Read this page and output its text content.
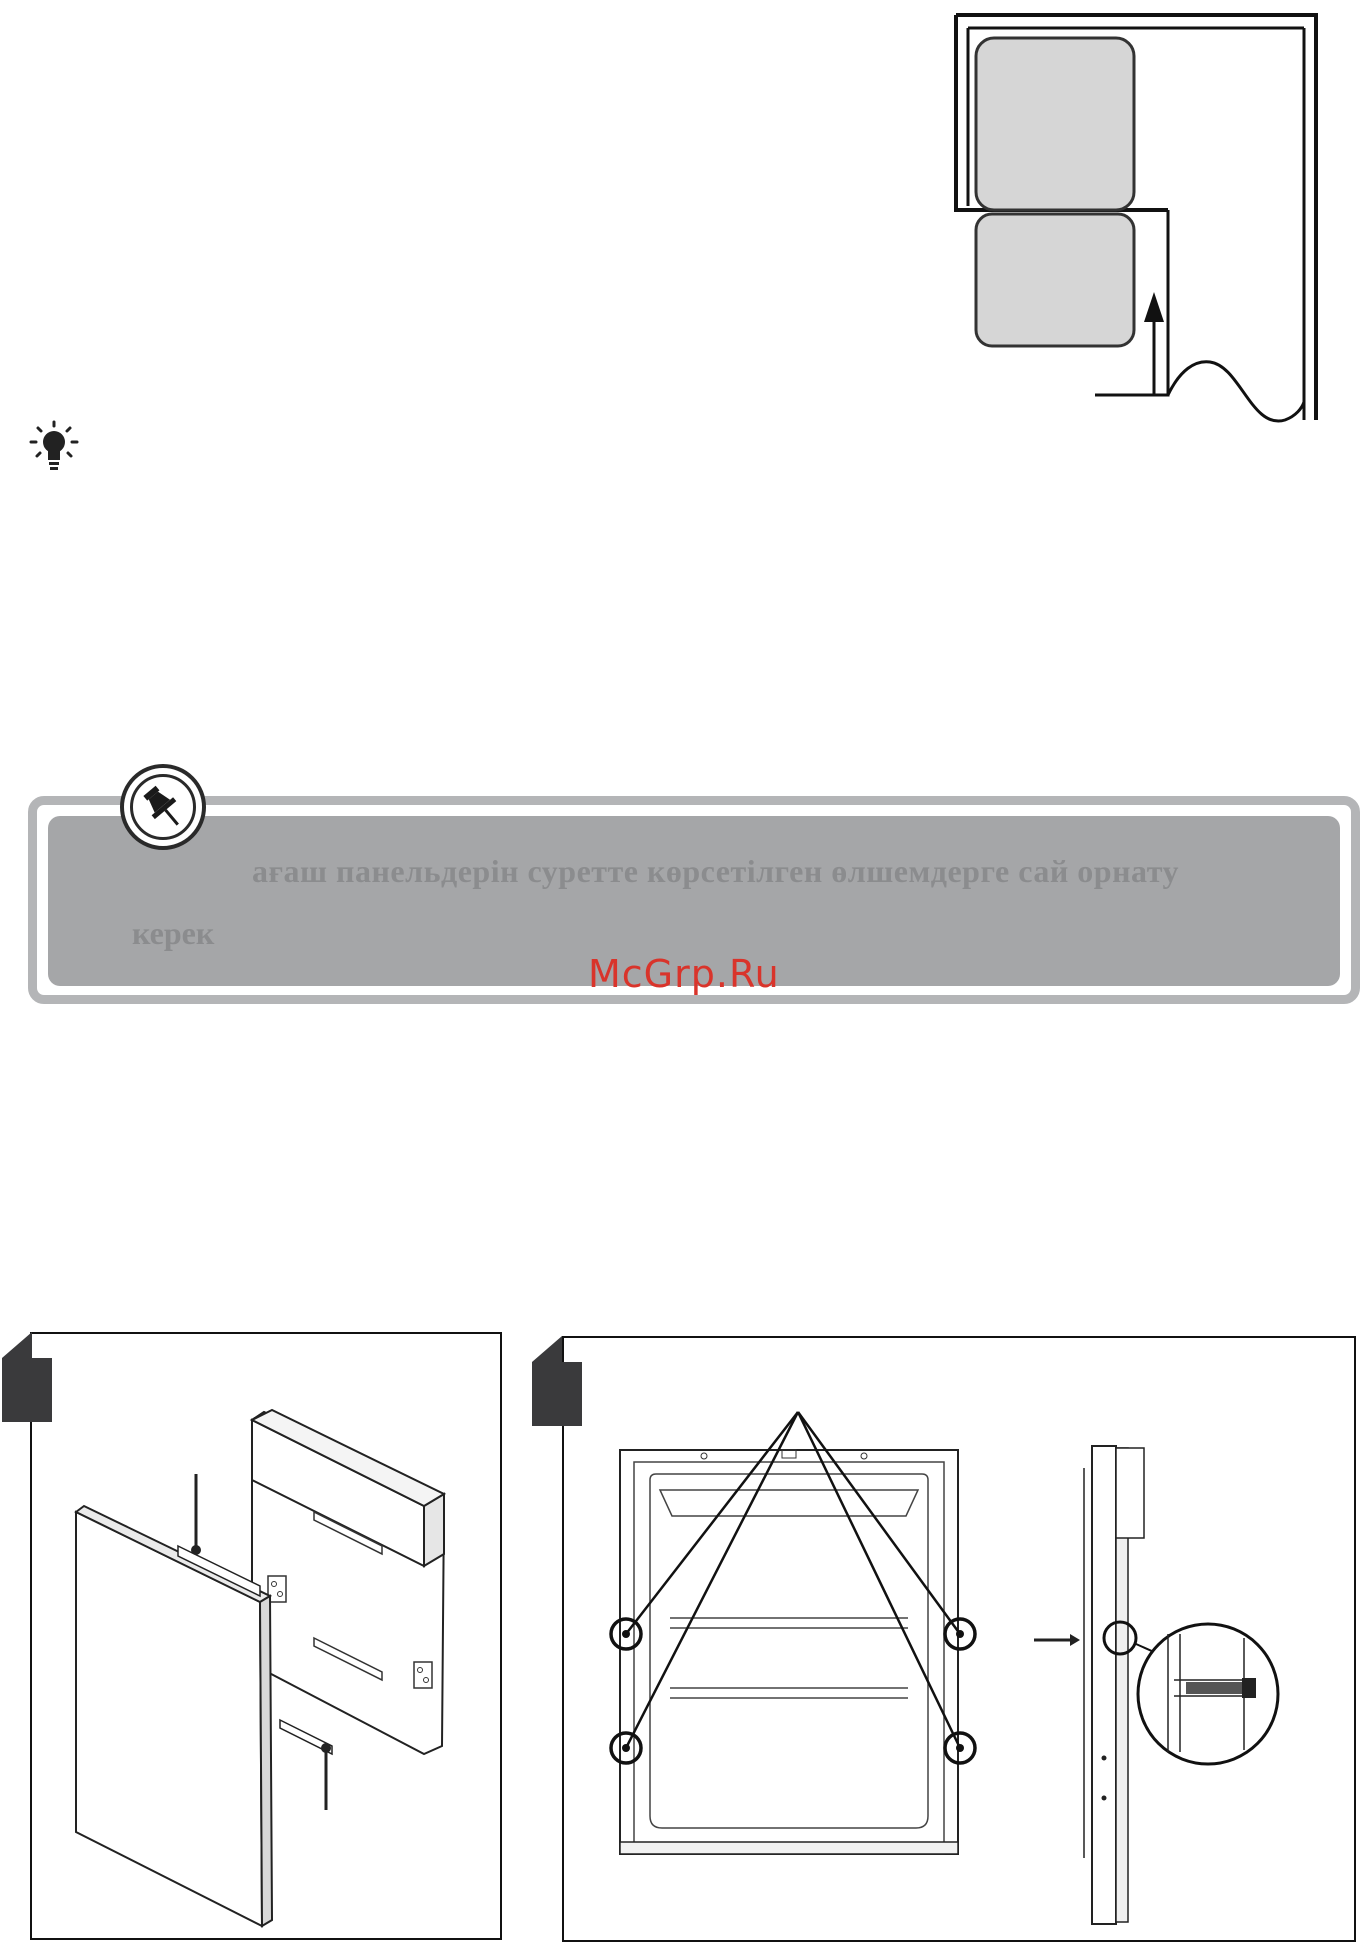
ағаш панельдерін суретте көрсетілген өлшемдерге сай орнату
керек
McGrp.Ru
